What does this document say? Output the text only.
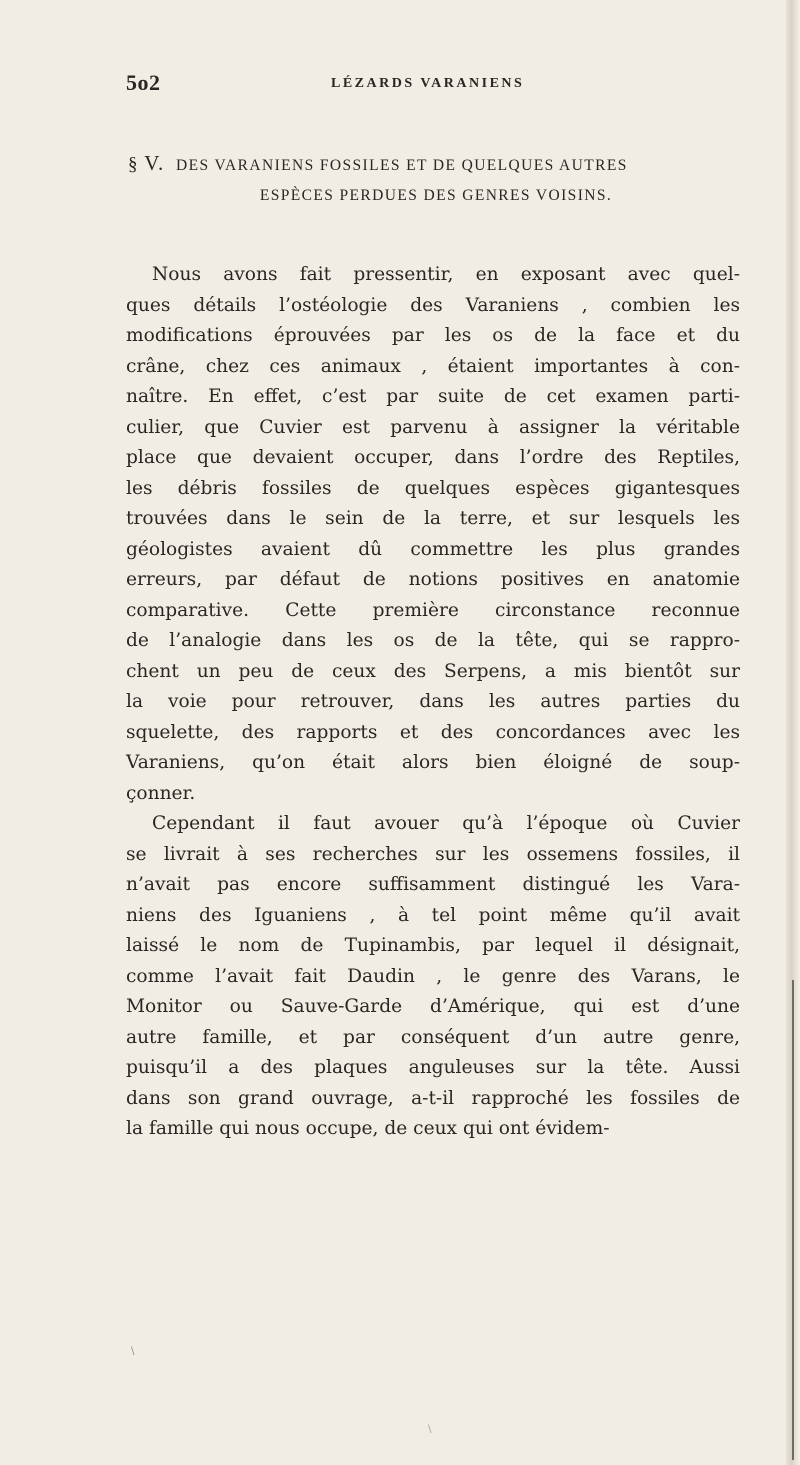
5o2	LÉZARDS VARANIENS
§ V. DES VARANIENS FOSSILES ET DE QUELQUES AUTRES
ESPÈCES PERDUES DES GENRES VOISINS.
Nous avons fait pressentir, en exposant avec quel-
ques détails l’ostéologie des Varaniens , combien les
modifications éprouvées par les os de la face et du
crâne, chez ces animaux , étaient importantes à con-
naître. En effet, c’est par suite de cet examen parti-
culier, que Cuvier est parvenu à assigner la véritable
place que devaient occuper, dans l’ordre des Reptiles,
les débris fossiles de quelques espèces gigantesques
trouvées dans le sein de la terre, et sur lesquels les
géologistes avaient dû commettre les plus grandes
erreurs, par défaut de notions positives en anatomie
comparative. Cette première circonstance reconnue
de l’analogie dans les os de la tête, qui se rappro-
chent un peu de ceux des Serpens, a mis bientôt sur
la voie pour retrouver, dans les autres parties du
squelette, des rapports et des concordances avec les
Varaniens, qu’on était alors bien éloigné de soup-
çonner.
Cependant il faut avouer qu’à l’époque où Cuvier
se livrait à ses recherches sur les ossemens fossiles, il
n’avait pas encore suffisamment distingué les Vara-
niens des Iguaniens , à tel point même qu’il avait
laissé le nom de Tupinambis, par lequel il désignait,
comme l’avait fait Daudin , le genre des Varans, le
Monitor ou Sauve-Garde d’Amérique, qui est d’une
autre famille, et par conséquent d’un autre genre,
puisqu’il a des plaques anguleuses sur la tête. Aussi
dans son grand ouvrage, a-t-il rapproché les fossiles de
la famille qui nous occupe, de ceux qui ont évidem-
\
\
